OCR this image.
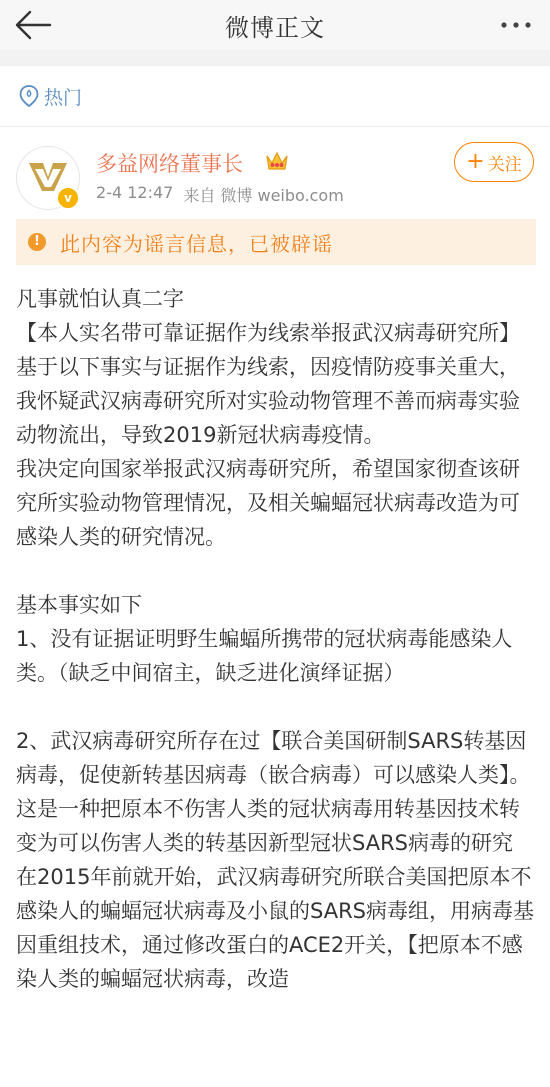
微博正文
热门
v
多益网络董事长
2-4 12:47 来自 微博 weibo.com
+ 关注
!	此内容为谣言信息，已被辟谣

凡事就怕认真二字

【本人实名带可靠证据作为线索举报武汉病毒研究所】

基于以下事实与证据作为线索，因疫情防疫事关重大，我怀疑武汉病毒研究所对实验动物管理不善而病毒实验动物流出，导致2019新冠状病毒疫情。

我决定向国家举报武汉病毒研究所，希望国家彻查该研究所实验动物管理情况，及相关蝙蝠冠状病毒改造为可感染人类的研究情况。

基本事实如下

1、没有证据证明野生蝙蝠所携带的冠状病毒能感染人类。（缺乏中间宿主，缺乏进化演绎证据）

2、武汉病毒研究所存在过【联合美国研制SARS转基因病毒，促使新转基因病毒（嵌合病毒）可以感染人类】。

这是一种把原本不伤害人类的冠状病毒用转基因技术转变为可以伤害人类的转基因新型冠状SARS病毒的研究

在2015年前就开始，武汉病毒研究所联合美国把原本不感染人的蝙蝠冠状病毒及小鼠的SARS病毒组，用病毒基因重组技术，通过修改蛋白的ACE2开关，【把原本不感染人类的蝙蝠冠状病毒，改造
